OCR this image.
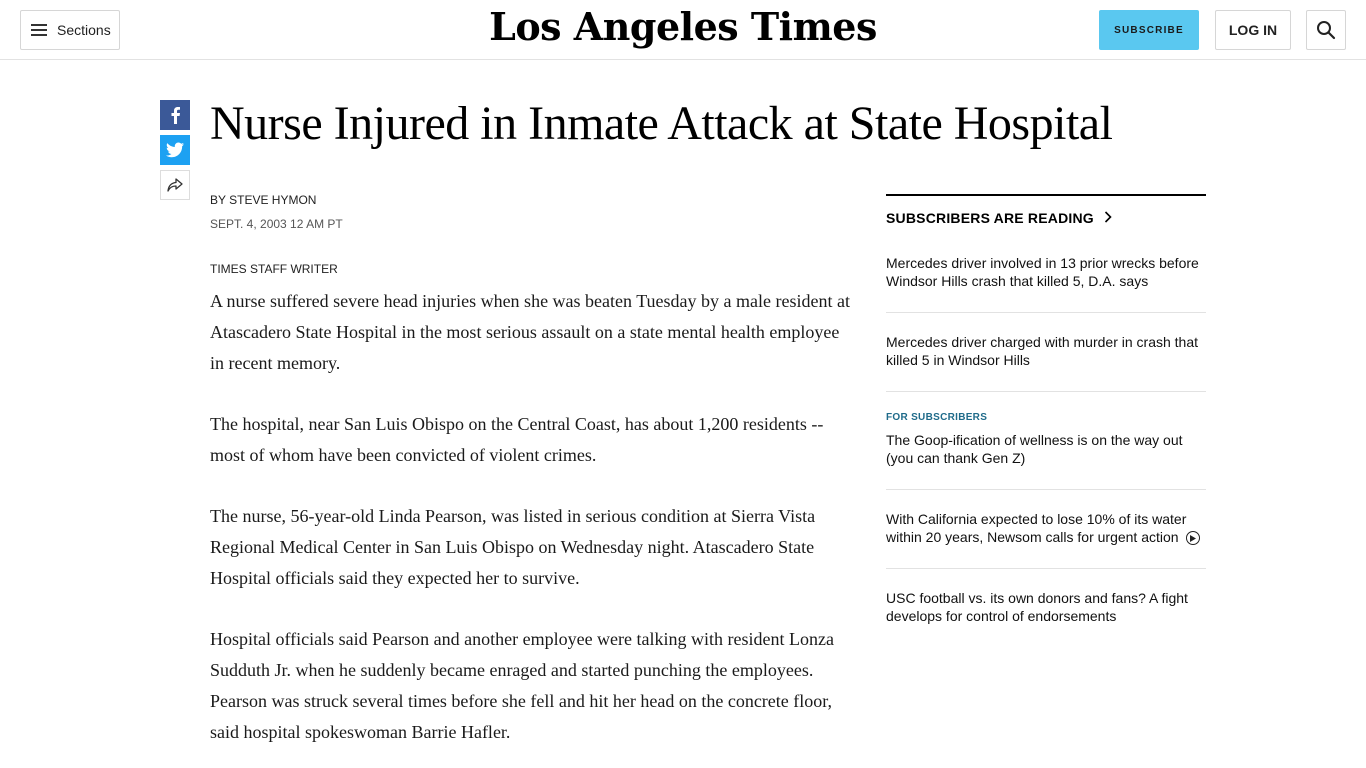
Sections	Los Angeles Times	SUBSCRIBE	LOG IN
Nurse Injured in Inmate Attack at State Hospital
BY STEVE HYMON
SEPT. 4, 2003 12 AM PT
TIMES STAFF WRITER

A nurse suffered severe head injuries when she was beaten Tuesday by a male resident at Atascadero State Hospital in the most serious assault on a state mental health employee in recent memory.

The hospital, near San Luis Obispo on the Central Coast, has about 1,200 residents -- most of whom have been convicted of violent crimes.

The nurse, 56-year-old Linda Pearson, was listed in serious condition at Sierra Vista Regional Medical Center in San Luis Obispo on Wednesday night. Atascadero State Hospital officials said they expected her to survive.

Hospital officials said Pearson and another employee were talking with resident Lonza Sudduth Jr. when he suddenly became enraged and started punching the employees. Pearson was struck several times before she fell and hit her head on the concrete floor, said hospital spokeswoman Barrie Hafler.

SUBSCRIBERS ARE READING
Mercedes driver involved in 13 prior wrecks before Windsor Hills crash that killed 5, D.A. says
Mercedes driver charged with murder in crash that killed 5 in Windsor Hills
FOR SUBSCRIBERS
The Goop-ification of wellness is on the way out (you can thank Gen Z)
With California expected to lose 10% of its water within 20 years, Newsom calls for urgent action
USC football vs. its own donors and fans? A fight develops for control of endorsements
